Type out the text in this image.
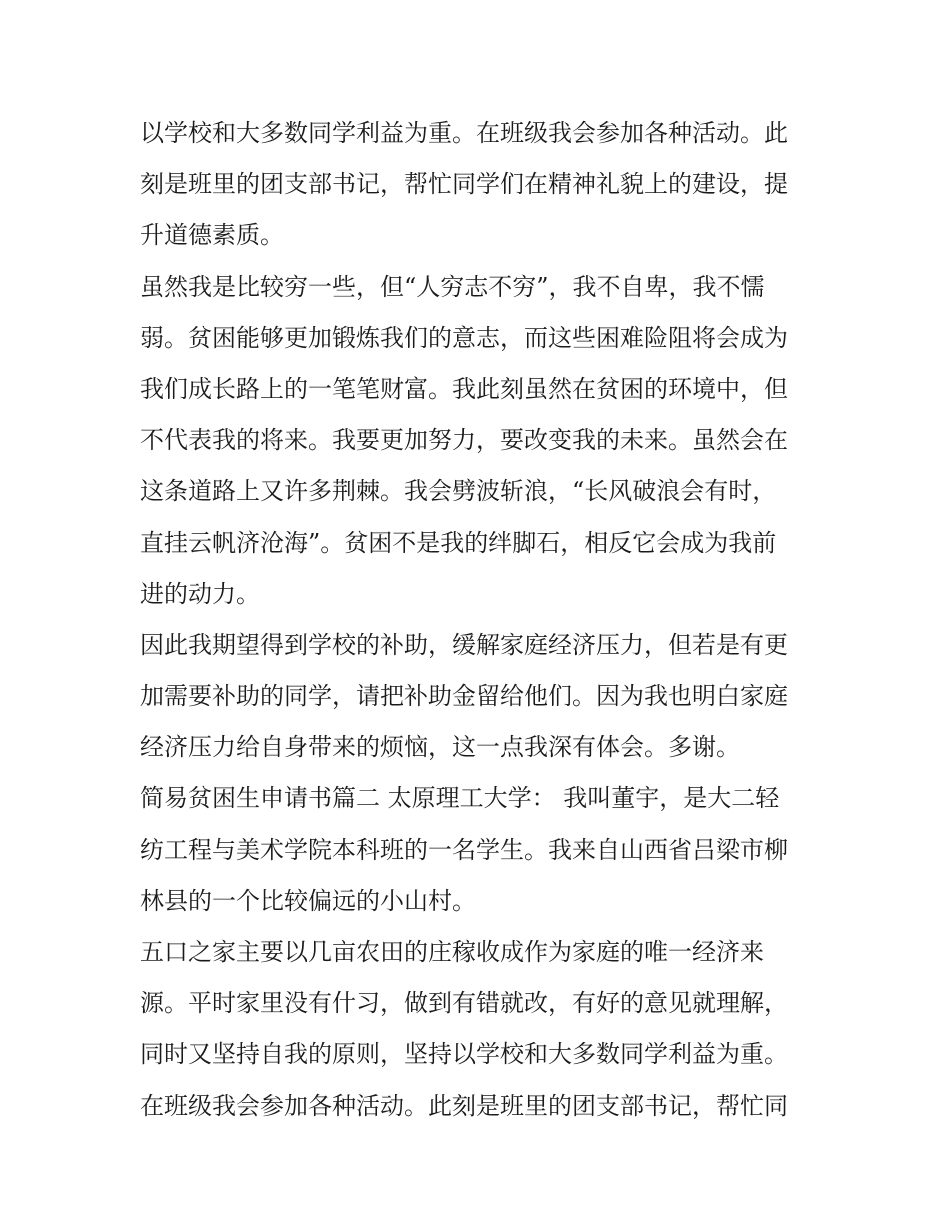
以学校和大多数同学利益为重。在班级我会参加各种活动。此
刻是班里的团支部书记，帮忙同学们在精神礼貌上的建设，提
升道德素质。
虽然我是比较穷一些，但“人穷志不穷”，我不自卑，我不懦
弱。贫困能够更加锻炼我们的意志，而这些困难险阻将会成为
我们成长路上的一笔笔财富。我此刻虽然在贫困的环境中，但
不代表我的将来。我要更加努力，要改变我的未来。虽然会在
这条道路上又许多荆棘。我会劈波斩浪，“长风破浪会有时，
直挂云帆济沧海”。贫困不是我的绊脚石，相反它会成为我前
进的动力。
因此我期望得到学校的补助，缓解家庭经济压力，但若是有更
加需要补助的同学，请把补助金留给他们。因为我也明白家庭
经济压力给自身带来的烦恼，这一点我深有体会。多谢。
简易贫困生申请书篇二 太原理工大学： 我叫董宇，是大二轻
纺工程与美术学院本科班的一名学生。我来自山西省吕梁市柳
林县的一个比较偏远的小山村。
五口之家主要以几亩农田的庄稼收成作为家庭的唯一经济来
源。平时家里没有什习，做到有错就改，有好的意见就理解，
同时又坚持自我的原则，坚持以学校和大多数同学利益为重。
在班级我会参加各种活动。此刻是班里的团支部书记，帮忙同
